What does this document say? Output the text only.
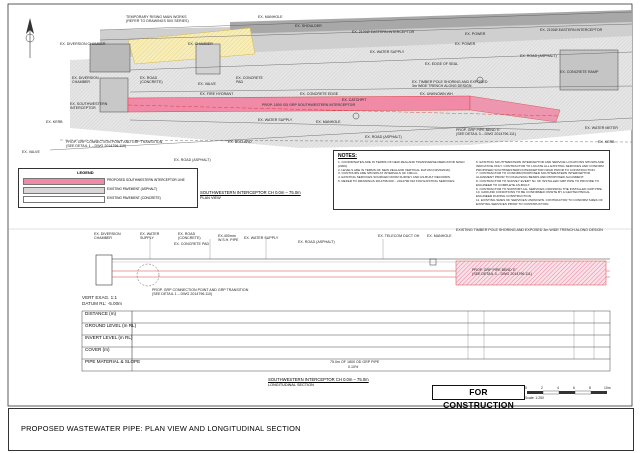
TEMPORARY RISING MAIN WORKS
(REFER TO DRAWINGS 50X SERIES)
EX. MANHOLE
EX. SHOULDER
EX. 2100Ø EASTERN INTERCEPTOR
EX. POWER
EX. POWER
EX. 2100Ø EASTERN INTERCEPTOR
EX. WATER SUPPLY
EX. CHAMBER
EX. ROAD (ASPHALT)
EX. EDGE OF SEAL
EX. CONCRETE RAMP
EX. DIVERSION CHAMBER
EX. DIVERSION
CHAMBER
EX. SOUTHWESTERN
INTERCEPTOR
EX. ROAD
(CONCRETE)	EX. VALVE
EX. FIRE HYDRANT
EX. CONCRETE
PAD	EX. TIMBER POLE SHORING AND EXPOSED
3m WIDE TRENCH ALONG DESIGN
EX. UNKNOWN WH
EX. CATCHPIT
EX. CONCRETE EDGE
PROP. 1800 OD GRP SOUTHWESTERN INTERCEPTOR
EX. KERB	EX. WATER SUPPLY
EX. ROAD (ASPHALT)
EX. MANHOLE
PROP. GRP PIPE BEND 'E'
(SEE DETAIL 3 – DWG 2014796.111)
EX. WATER METER
PROP. GRP CONNECTION POINT AND GRP TRANSITION
(SEE DETAIL 1 – DWG 2014796.110)
EX. VALVE
EX. BOLLARD
EX. ROAD (ASPHALT)
EX. KERB
SOUTHWESTERN INTERCEPTOR CH 0.0m – 75.0m
PLAN VIEW
LEGEND
PROPOSED SOUTHWESTERN INTERCEPTOR LINE
EXISTING PAVEMENT (ASPHALT)
EXISTING PAVEMENT (CONCRETE)
NOTES:
1. COORDINATES ARE IN TERMS OF NEW ZEALAND TRANSVERSE MERCATOR NZGD (2000).
2. LEVELS ARE IN TERMS OF NEW ZEALAND VERTICAL DATUM (NZVD2016).
3. CONTOURS ARE SHOWN AT INTERVALS OF 100mm.
4. EXISTING SERVICES SOURCED FROM SURVEY AND AS-BUILT RECORDS.
5. REFER TO DRAWINGS 2014796.000 – 2014796.010 FOR EXISTING SERVICES.
6. EXISTING SOUTHWESTERN INTERCEPTOR AND SERVICE LOCATIONS SHOWN ARE INDICATIVE ONLY. CONTRACTOR TO LOCATE ALL EXISTING SERVICES AND CONFIRM PROPOSED SOUTHWESTERN INTERCEPTOR NZGD PRIOR TO CONSTRUCTION.
7. CONTRACTOR TO CONFIRM PROPOSED SOUTHWESTERN INTERCEPTOR ALIGNMENT PRIOR TO FINALISING BENDS AND PROPOSED ALIGNMENT.
8. CONTRACTOR TO SURVEY EVERY 5m OF INSTALLED GRP PIPE TO PROVIDE TO ENGINEER TO COMPLETE AS-BUILT.
9. CONTRACTOR TO SUPPORT ALL SERVICES CROSSING THE INSTALLED GRP PIPE.
10. GROUND CONDITIONS TO BE CONFIRMED ONSITE BY A GEOTECHNICAL ENGINEER DURING CONSTRUCTION.
11. EXISTING SIZES OF SERVICES UNKNOWN. CONTRACTOR TO CONFIRM SIZES OF EXISTING SERVICES PRIOR TO CONSTRUCTION.
EX. DIVERSION
CHAMBER
EX. WATER
SUPPLY
EX. ROAD
(CONCRETE)
EX. CONCRETE PAD
EX.400mm
W.S.H. PIPE EX. WATER SUPPLY
EX. ROAD (ASPHALT)
EX. TELECOM DUCT OH EX. MANHOLE
EXISTING TIMBER POLE SHORING AND EXPOSED 3m WIDE TRENCH ALONG DESIGN
PROP. GRP PIPE BEND 'E'
(SEE DETAIL 3 – DWG 2014796.111)
PROP. GRP CONNECTION POINT AND GRP TRANSITION
(SEE DETAIL 1 – DWG 2014796.110)
VERT EXAG. 1:1
DATUM RL: -5.00m
DISTANCE (m)
GROUND LEVEL (m RL)
INVERT LEVEL (m RL)
COVER (m)
PIPE MATERIAL & SLOPE	75.0m OF 1800 OD GRP PIPE
0.10%
SOUTHWESTERN INTERCEPTOR CH 0.0m – 75.0m
LONGITUDINAL SECTION
FOR CONSTRUCTION
0	2	4	6	8	10m
Scale: 1:250
PROPOSED WASTEWATER PIPE: PLAN VIEW AND LONGITUDINAL SECTION
